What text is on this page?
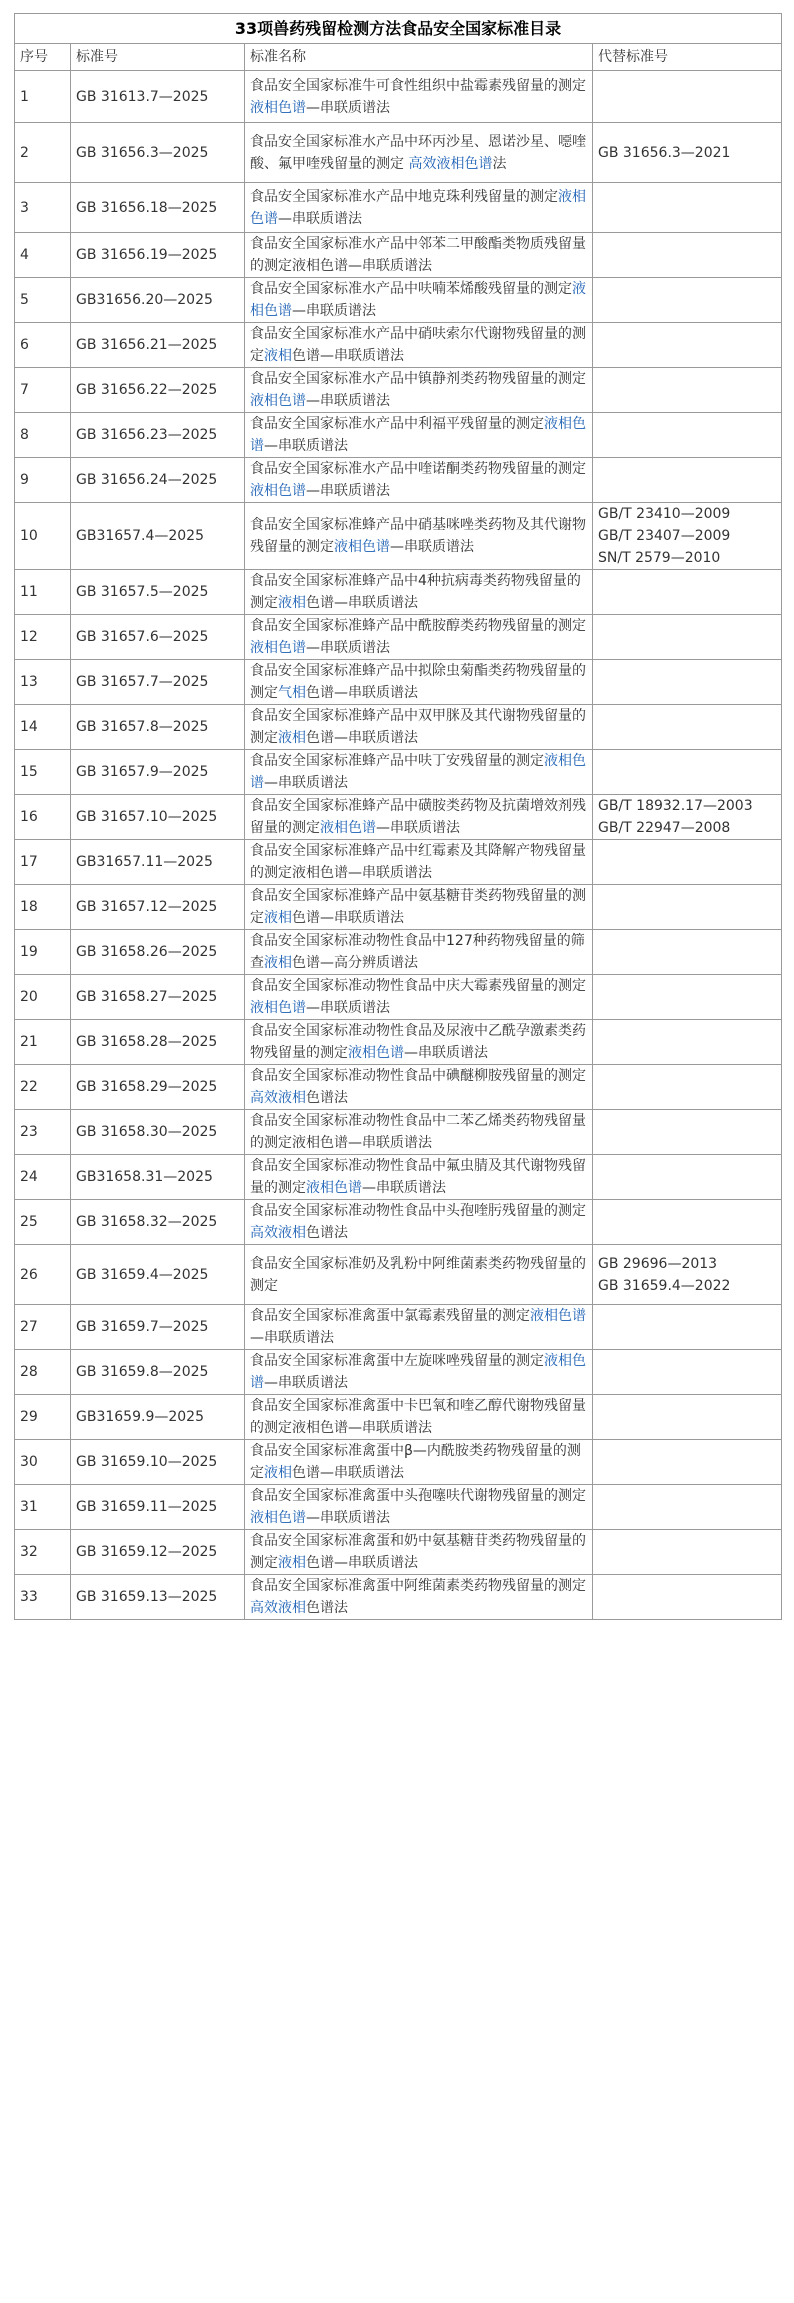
33项兽药残留检测方法食品安全国家标准目录			
序号	标准号	标准名称	代替标准号
1	GB 31613.7—2025	食品安全国家标准牛可食性组织中盐霉素残留量的测定液相色谱—串联质谱法	
2	GB 31656.3—2025	食品安全国家标准水产品中环丙沙星、恩诺沙星、噁喹酸、氟甲喹残留量的测定 高效液相色谱法	GB 31656.3—2021

3	GB 31656.18—2025	食品安全国家标准水产品中地克珠利残留量的测定液相色谱—串联质谱法	
4	GB 31656.19—2025	食品安全国家标准水产品中邻苯二甲酸酯类物质残留量的测定液相色谱—串联质谱法	
5	GB31656.20—2025	食品安全国家标准水产品中呋喃苯烯酸残留量的测定液相色谱—串联质谱法	
6	GB 31656.21—2025	食品安全国家标准水产品中硝呋索尔代谢物残留量的测定液相色谱—串联质谱法	
7	GB 31656.22—2025	食品安全国家标准水产品中镇静剂类药物残留量的测定液相色谱—串联质谱法	
8	GB 31656.23—2025	食品安全国家标准水产品中利福平残留量的测定液相色谱—串联质谱法	
9	GB 31656.24—2025	食品安全国家标准水产品中喹诺酮类药物残留量的测定液相色谱—串联质谱法	
10	GB31657.4—2025	食品安全国家标准蜂产品中硝基咪唑类药物及其代谢物残留量的测定液相色谱—串联质谱法	GB/T 23410—2009
GB/T 23407—2009
SN/T 2579—2010

11	GB 31657.5—2025	食品安全国家标准蜂产品中4种抗病毒类药物残留量的测定液相色谱—串联质谱法	
12	GB 31657.6—2025	食品安全国家标准蜂产品中酰胺醇类药物残留量的测定液相色谱—串联质谱法	
13	GB 31657.7—2025	食品安全国家标准蜂产品中拟除虫菊酯类药物残留量的测定气相色谱—串联质谱法	
14	GB 31657.8—2025	食品安全国家标准蜂产品中双甲脒及其代谢物残留量的测定液相色谱—串联质谱法	
15	GB 31657.9—2025	食品安全国家标准蜂产品中呋丁安残留量的测定液相色谱—串联质谱法	
16	GB 31657.10—2025	食品安全国家标准蜂产品中磺胺类药物及抗菌增效剂残留量的测定液相色谱—串联质谱法	GB/T 18932.17—2003
GB/T 22947—2008

17	GB31657.11—2025	食品安全国家标准蜂产品中红霉素及其降解产物残留量的测定液相色谱—串联质谱法	
18	GB 31657.12—2025	食品安全国家标准蜂产品中氨基糖苷类药物残留量的测定液相色谱—串联质谱法	
19	GB 31658.26—2025	食品安全国家标准动物性食品中127种药物残留量的筛查液相色谱—高分辨质谱法	
20	GB 31658.27—2025	食品安全国家标准动物性食品中庆大霉素残留量的测定液相色谱—串联质谱法	
21	GB 31658.28—2025	食品安全国家标准动物性食品及尿液中乙酰孕激素类药物残留量的测定液相色谱—串联质谱法	
22	GB 31658.29—2025	食品安全国家标准动物性食品中碘醚柳胺残留量的测定高效液相色谱法	
23	GB 31658.30—2025	食品安全国家标准动物性食品中二苯乙烯类药物残留量的测定液相色谱—串联质谱法	
24	GB31658.31—2025	食品安全国家标准动物性食品中氟虫腈及其代谢物残留量的测定液相色谱—串联质谱法	
25	GB 31658.32—2025	食品安全国家标准动物性食品中头孢喹肟残留量的测定高效液相色谱法	
26	GB 31659.4—2025	食品安全国家标准奶及乳粉中阿维菌素类药物残留量的测定	GB 29696—2013
GB 31659.4—2022

27	GB 31659.7—2025	食品安全国家标准禽蛋中氯霉素残留量的测定液相色谱—串联质谱法	
28	GB 31659.8—2025	食品安全国家标准禽蛋中左旋咪唑残留量的测定液相色谱—串联质谱法	
29	GB31659.9—2025	食品安全国家标准禽蛋中卡巴氧和喹乙醇代谢物残留量的测定液相色谱—串联质谱法	
30	GB 31659.10—2025	食品安全国家标准禽蛋中β—内酰胺类药物残留量的测定液相色谱—串联质谱法	
31	GB 31659.11—2025	食品安全国家标准禽蛋中头孢噻呋代谢物残留量的测定液相色谱—串联质谱法	
32	GB 31659.12—2025	食品安全国家标准禽蛋和奶中氨基糖苷类药物残留量的测定液相色谱—串联质谱法	
33	GB 31659.13—2025	食品安全国家标准禽蛋中阿维菌素类药物残留量的测定高效液相色谱法	
